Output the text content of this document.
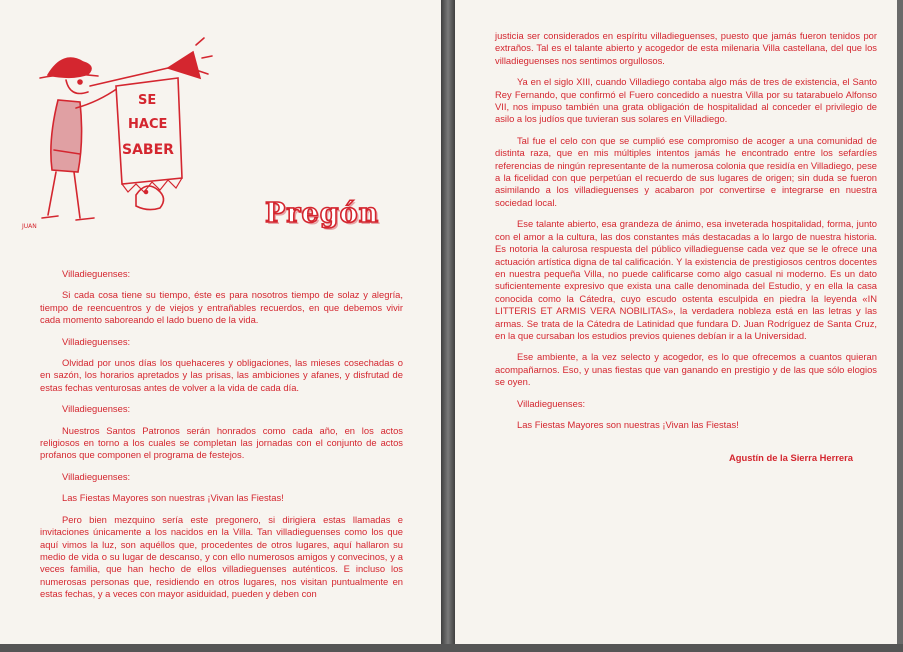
SE
HACE
SABER
JUAN	Pregón

Villadieguenses:

Si cada cosa tiene su tiempo, éste es para nosotros tiempo de solaz y alegría, tiempo de reencuentros y de viejos y entrañables recuerdos, en que debemos vivir cada momento saboreando el lado bueno de la vida.

Villadieguenses:

Olvidad por unos días los quehaceres y obligaciones, las mieses cosechadas o en sazón, los horarios apretados y las prisas, las ambiciones y afanes, y disfrutad de estas fechas venturosas antes de volver a la vida de cada día.

Villadieguenses:

Nuestros Santos Patronos serán honrados como cada año, en los actos religiosos en torno a los cuales se completan las jornadas con el conjunto de actos profanos que componen el programa de festejos.

Villadieguenses:

Las Fiestas Mayores son nuestras ¡Vivan las Fiestas!

Pero bien mezquino sería este pregonero, si dirigiera estas llamadas e invitaciones únicamente a los nacidos en la Villa. Tan villadieguenses como los que aquí vimos la luz, son aquéllos que, procedentes de otros lugares, aquí hallaron su medio de vida o su lugar de descanso, y con ello numerosos amigos y convecinos, y a veces familia, que han hecho de ellos villadieguenses auténticos. E incluso los numerosas personas que, residiendo en otros lugares, nos visitan puntualmente en estas fechas, y a veces con mayor asiduidad, pueden y deben con

justicia ser considerados en espíritu villadieguenses, puesto que jamás fueron tenidos por extraños. Tal es el talante abierto y acogedor de esta milenaria Villa castellana, del que los villadieguenses nos sentimos orgullosos.

Ya en el siglo XIII, cuando Villadiego contaba algo más de tres de existencia, el Santo Rey Fernando, que confirmó el Fuero concedido a nuestra Villa por su tatarabuelo Alfonso VII, nos impuso también una grata obligación de hospitalidad al conceder el privilegio de asilo a los judíos que tuvieran sus solares en Villadiego.

Tal fue el celo con que se cumplió ese compromiso de acoger a una comunidad de distinta raza, que en mis múltiples intentos jamás he encontrado entre los sefardíes referencias de ningún representante de la numerosa colonia que residía en Villadiego, pese a la ficelidad con que perpetúan el recuerdo de sus lugares de origen; sin duda se fueron asimilando a los villadieguenses y acabaron por convertirse e integrarse en nuestra sociedad local.

Ese talante abierto, esa grandeza de ánimo, esa inveterada hospitalidad, forma, junto con el amor a la cultura, las dos constantes más destacadas a lo largo de nuestra historia. Es notoria la calurosa respuesta del público villadieguense cada vez que se le ofrece una actuación artística digna de tal calificación. Y la existencia de prestigiosos centros docentes en nuestra pequeña Villa, no puede calificarse como algo casual ni moderno. Es un dato suficientemente expresivo que exista una calle denominada del Estudio, y en ella la casa conocida como la Cátedra, cuyo escudo ostenta esculpida en piedra la leyenda «IN LITTERIS ET ARMIS VERA NOBILITAS», la verdadera nobleza está en las letras y las armas. Se trata de la Cátedra de Latinidad que fundara D. Juan Rodríguez de Santa Cruz, en la que cursaban los estudios previos quienes debían ir a la Universidad.

Ese ambiente, a la vez selecto y acogedor, es lo que ofrecemos a cuantos quieran acompañarnos. Eso, y unas fiestas que van ganando en prestigio y de las que sólo elogios se oyen.

Villadieguenses:

Las Fiestas Mayores son nuestras ¡Vivan las Fiestas!

Agustín de la Sierra Herrera
